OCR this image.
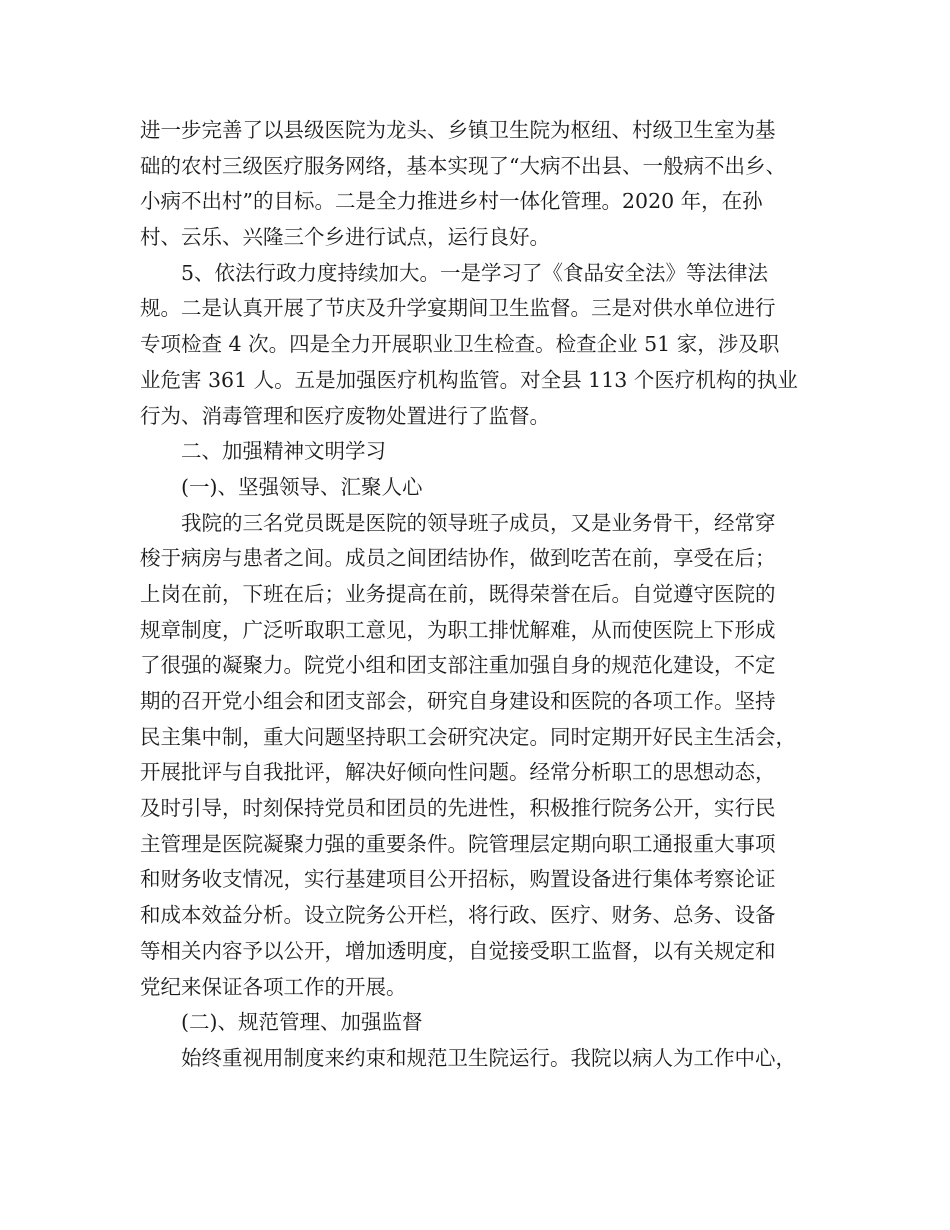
进一步完善了以县级医院为龙头、乡镇卫生院为枢纽、村级卫生室为基
础的农村三级医疗服务网络，基本实现了“大病不出县、一般病不出乡、
小病不出村”的目标。二是全力推进乡村一体化管理。2020 年，在孙
村、云乐、兴隆三个乡进行试点，运行良好。
5、依法行政力度持续加大。一是学习了《食品安全法》等法律法
规。二是认真开展了节庆及升学宴期间卫生监督。三是对供水单位进行
专项检查 4 次。四是全力开展职业卫生检查。检查企业 51 家，涉及职
业危害 361 人。五是加强医疗机构监管。对全县 113 个医疗机构的执业
行为、消毒管理和医疗废物处置进行了监督。
二、加强精神文明学习
(一)、坚强领导、汇聚人心
我院的三名党员既是医院的领导班子成员，又是业务骨干，经常穿
梭于病房与患者之间。成员之间团结协作，做到吃苦在前，享受在后；
上岗在前，下班在后；业务提高在前，既得荣誉在后。自觉遵守医院的
规章制度，广泛听取职工意见，为职工排忧解难，从而使医院上下形成
了很强的凝聚力。院党小组和团支部注重加强自身的规范化建设，不定
期的召开党小组会和团支部会，研究自身建设和医院的各项工作。坚持
民主集中制，重大问题坚持职工会研究决定。同时定期开好民主生活会，
开展批评与自我批评，解决好倾向性问题。经常分析职工的思想动态，
及时引导，时刻保持党员和团员的先进性，积极推行院务公开，实行民
主管理是医院凝聚力强的重要条件。院管理层定期向职工通报重大事项
和财务收支情况，实行基建项目公开招标，购置设备进行集体考察论证
和成本效益分析。设立院务公开栏，将行政、医疗、财务、总务、设备
等相关内容予以公开，增加透明度，自觉接受职工监督，以有关规定和
党纪来保证各项工作的开展。
(二)、规范管理、加强监督
始终重视用制度来约束和规范卫生院运行。我院以病人为工作中心，
